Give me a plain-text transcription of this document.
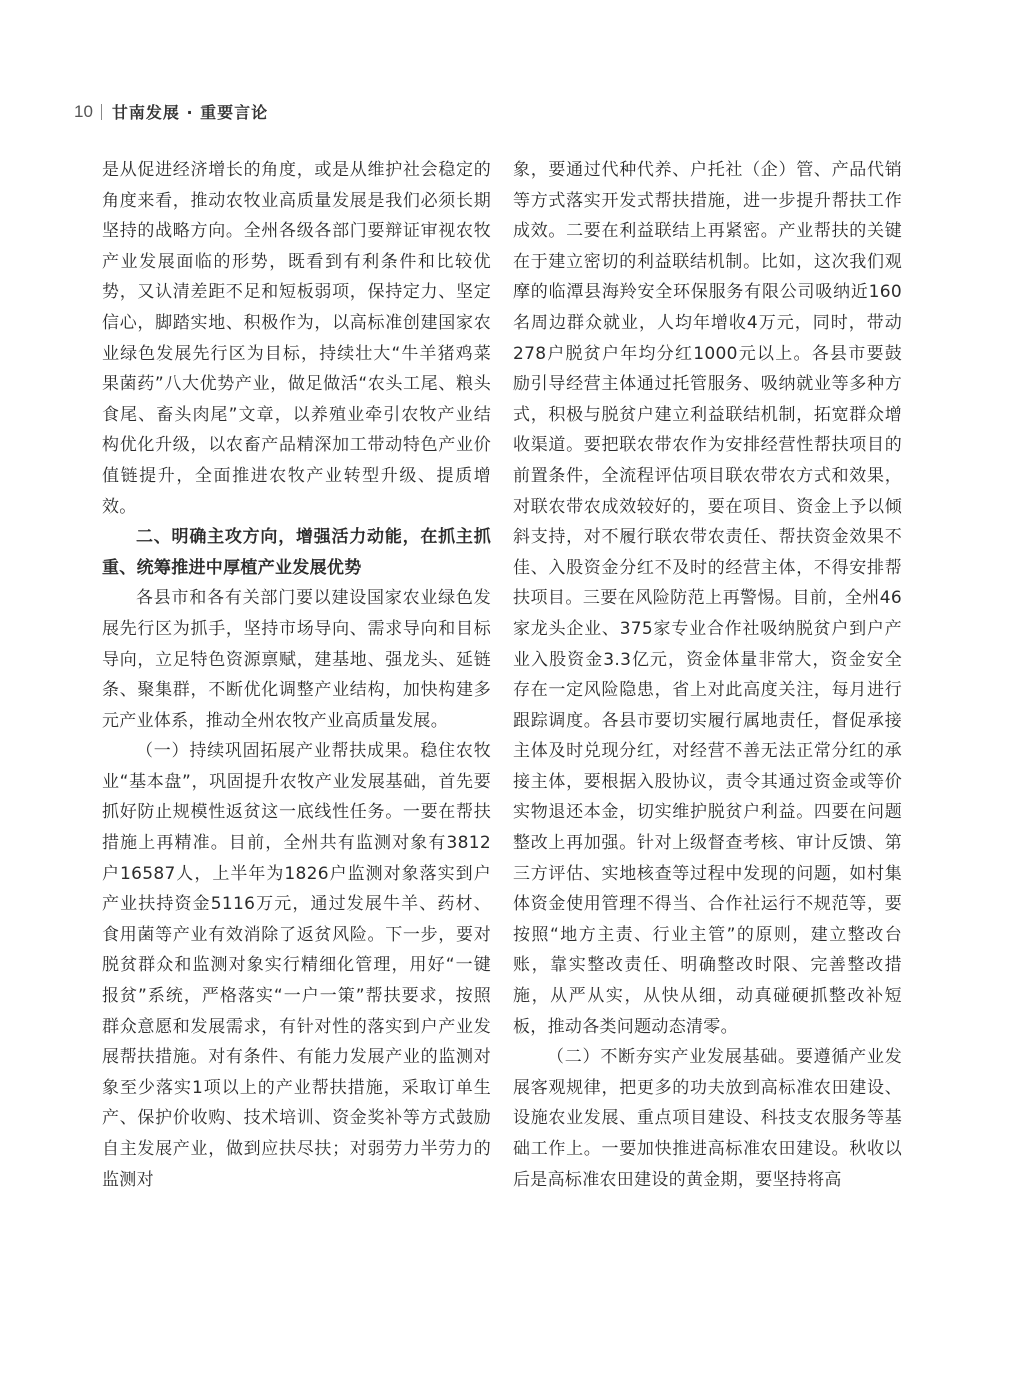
10 甘南发展 · 重要言论

是从促进经济增长的角度，或是从维护社会稳定的角度来看，推动农牧业高质量发展是我们必须长期坚持的战略方向。全州各级各部门要辩证审视农牧产业发展面临的形势，既看到有利条件和比较优势，又认清差距不足和短板弱项，保持定力、坚定信心，脚踏实地、积极作为，以高标准创建国家农业绿色发展先行区为目标，持续壮大“牛羊猪鸡菜果菌药”八大优势产业，做足做活“农头工尾、粮头食尾、畜头肉尾”文章，以养殖业牵引农牧产业结构优化升级，以农畜产品精深加工带动特色产业价值链提升，全面推进农牧产业转型升级、提质增效。

二、明确主攻方向，增强活力动能，在抓主抓重、统筹推进中厚植产业发展优势

各县市和各有关部门要以建设国家农业绿色发展先行区为抓手，坚持市场导向、需求导向和目标导向，立足特色资源禀赋，建基地、强龙头、延链条、聚集群，不断优化调整产业结构，加快构建多元产业体系，推动全州农牧产业高质量发展。

（一）持续巩固拓展产业帮扶成果。稳住农牧业“基本盘”，巩固提升农牧产业发展基础，首先要抓好防止规模性返贫这一底线性任务。一要在帮扶措施上再精准。目前，全州共有监测对象有3812户16587人，上半年为1826户监测对象落实到户产业扶持资金5116万元，通过发展牛羊、药材、食用菌等产业有效消除了返贫风险。下一步，要对脱贫群众和监测对象实行精细化管理，用好“一键报贫”系统，严格落实“一户一策”帮扶要求，按照群众意愿和发展需求，有针对性的落实到户产业发展帮扶措施。对有条件、有能力发展产业的监测对象至少落实1项以上的产业帮扶措施，采取订单生产、保护价收购、技术培训、资金奖补等方式鼓励自主发展产业，做到应扶尽扶；对弱劳力半劳力的监测对

象，要通过代种代养、户托社（企）管、产品代销等方式落实开发式帮扶措施，进一步提升帮扶工作成效。二要在利益联结上再紧密。产业帮扶的关键在于建立密切的利益联结机制。比如，这次我们观摩的临潭县海羚安全环保服务有限公司吸纳近160名周边群众就业，人均年增收4万元，同时，带动278户脱贫户年均分红1000元以上。各县市要鼓励引导经营主体通过托管服务、吸纳就业等多种方式，积极与脱贫户建立利益联结机制，拓宽群众增收渠道。要把联农带农作为安排经营性帮扶项目的前置条件，全流程评估项目联农带农方式和效果，对联农带农成效较好的，要在项目、资金上予以倾斜支持，对不履行联农带农责任、帮扶资金效果不佳、入股资金分红不及时的经营主体，不得安排帮扶项目。三要在风险防范上再警惕。目前，全州46家龙头企业、375家专业合作社吸纳脱贫户到户产业入股资金3.3亿元，资金体量非常大，资金安全存在一定风险隐患，省上对此高度关注，每月进行跟踪调度。各县市要切实履行属地责任，督促承接主体及时兑现分红，对经营不善无法正常分红的承接主体，要根据入股协议，责令其通过资金或等价实物退还本金，切实维护脱贫户利益。四要在问题整改上再加强。针对上级督查考核、审计反馈、第三方评估、实地核查等过程中发现的问题，如村集体资金使用管理不得当、合作社运行不规范等，要按照“地方主责、行业主管”的原则，建立整改台账，靠实整改责任、明确整改时限、完善整改措施，从严从实，从快从细，动真碰硬抓整改补短板，推动各类问题动态清零。

（二）不断夯实产业发展基础。要遵循产业发展客观规律，把更多的功夫放到高标准农田建设、设施农业发展、重点项目建设、科技支农服务等基础工作上。一要加快推进高标准农田建设。秋收以后是高标准农田建设的黄金期，要坚持将高
